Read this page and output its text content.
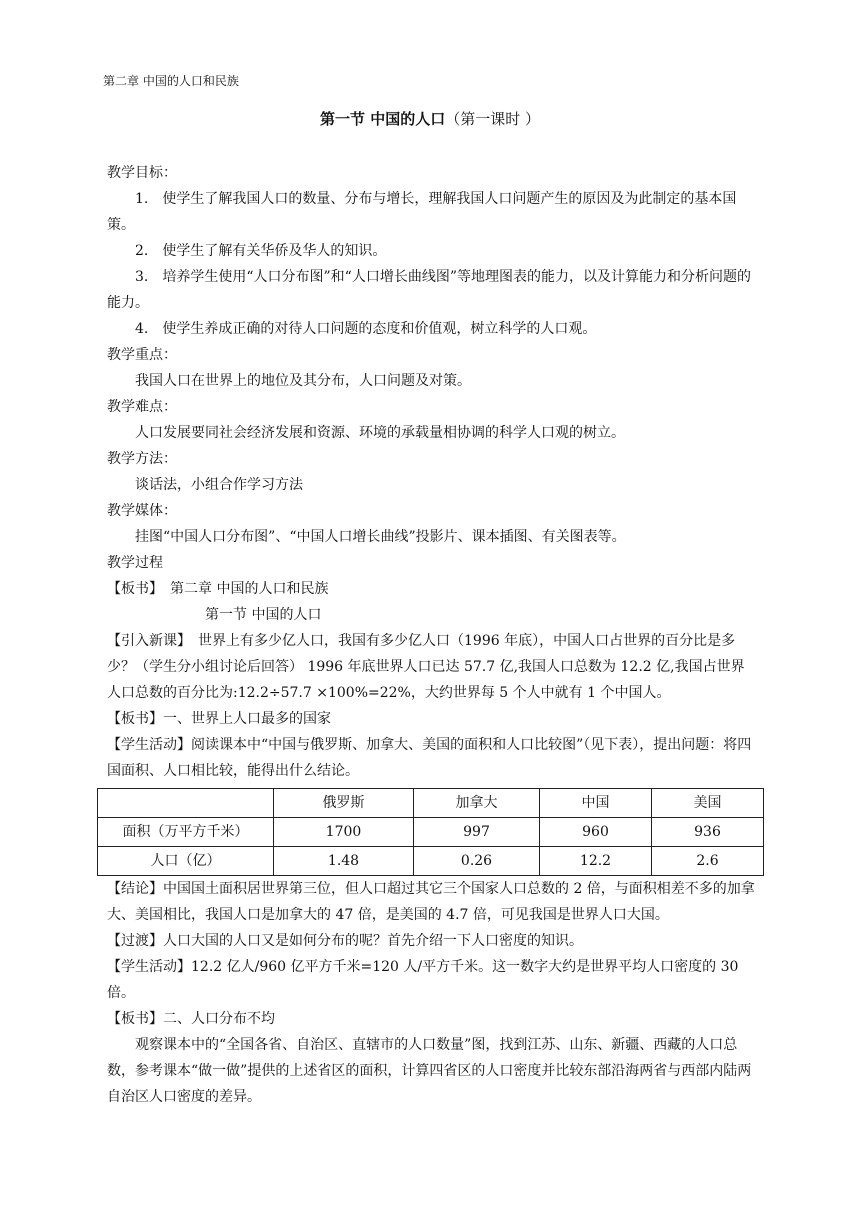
第二章 中国的人口和民族
第一节 中国的人口（第一课时 ）

教学目标：

1.　使学生了解我国人口的数量、分布与增长，理解我国人口问题产生的原因及为此制定的基本国策。

2.　使学生了解有关华侨及华人的知识。

3.　培养学生使用“人口分布图”和“人口增长曲线图”等地理图表的能力，以及计算能力和分析问题的能力。

4.　使学生养成正确的对待人口问题的态度和价值观，树立科学的人口观。

教学重点：

我国人口在世界上的地位及其分布，人口问题及对策。

教学难点：

人口发展要同社会经济发展和资源、环境的承载量相协调的科学人口观的树立。

教学方法：

谈话法，小组合作学习方法

教学媒体：

挂图“中国人口分布图”、“中国人口增长曲线”投影片、课本插图、有关图表等。

教学过程

【板书】　第二章 中国的人口和民族

第一节 中国的人口

【引入新课】　世界上有多少亿人口，我国有多少亿人口（1996 年底），中国人口占世界的百分比是多少？（学生分小组讨论后回答） 1996 年底世界人口已达 57.7 亿,我国人口总数为 12.2 亿,我国占世界人口总数的百分比为:12.2÷57.7 ×100%=22%，大约世界每 5 个人中就有 1 个中国人。

【板书】一、世界上人口最多的国家

【学生活动】阅读课本中“中国与俄罗斯、加拿大、美国的面积和人口比较图”（见下表），提出问题：将四国面积、人口相比较，能得出什么结论。

	俄罗斯	加拿大	中国	美国
面积（万平方千米）	1700	997	960	936
人口（亿）	1.48	0.26	12.2	2.6

【结论】中国国土面积居世界第三位，但人口超过其它三个国家人口总数的 2 倍，与面积相差不多的加拿大、美国相比，我国人口是加拿大的 47 倍，是美国的 4.7 倍，可见我国是世界人口大国。

【过渡】人口大国的人口又是如何分布的呢？首先介绍一下人口密度的知识。

【学生活动】12.2 亿人/960 亿平方千米=120 人/平方千米。这一数字大约是世界平均人口密度的 30 倍。

【板书】二、人口分布不均

观察课本中的“全国各省、自治区、直辖市的人口数量”图，找到江苏、山东、新疆、西藏的人口总数，参考课本“做一做”提供的上述省区的面积，计算四省区的人口密度并比较东部沿海两省与西部内陆两自治区人口密度的差异。
